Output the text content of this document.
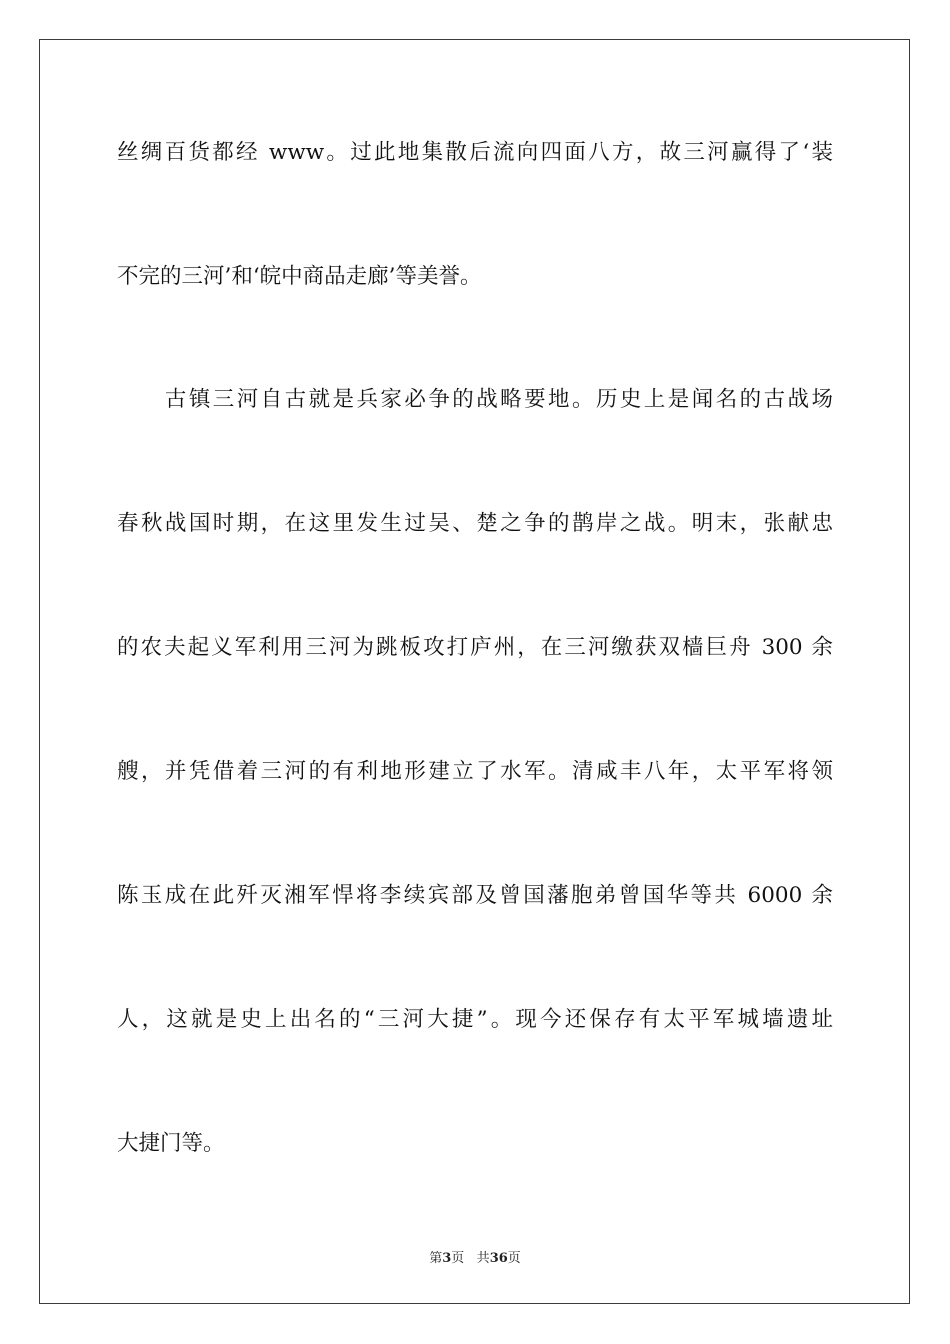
丝绸百货都经 www。过此地集散后流向四面八方，故三河赢得了‘装
不完的三河’和‘皖中商品走廊’等美誉。
　　古镇三河自古就是兵家必争的战略要地。历史上是闻名的古战场
春秋战国时期，在这里发生过吴、楚之争的鹊岸之战。明末，张献忠
的农夫起义军利用三河为跳板攻打庐州，在三河缴获双樯巨舟 300 余
艘，并凭借着三河的有利地形建立了水军。清咸丰八年，太平军将领
陈玉成在此歼灭湘军悍将李续宾部及曾国藩胞弟曾国华等共 6000 余
人，这就是史上出名的“三河大捷”。现今还保存有太平军城墙遗址
大捷门等。
第3页 共36页
